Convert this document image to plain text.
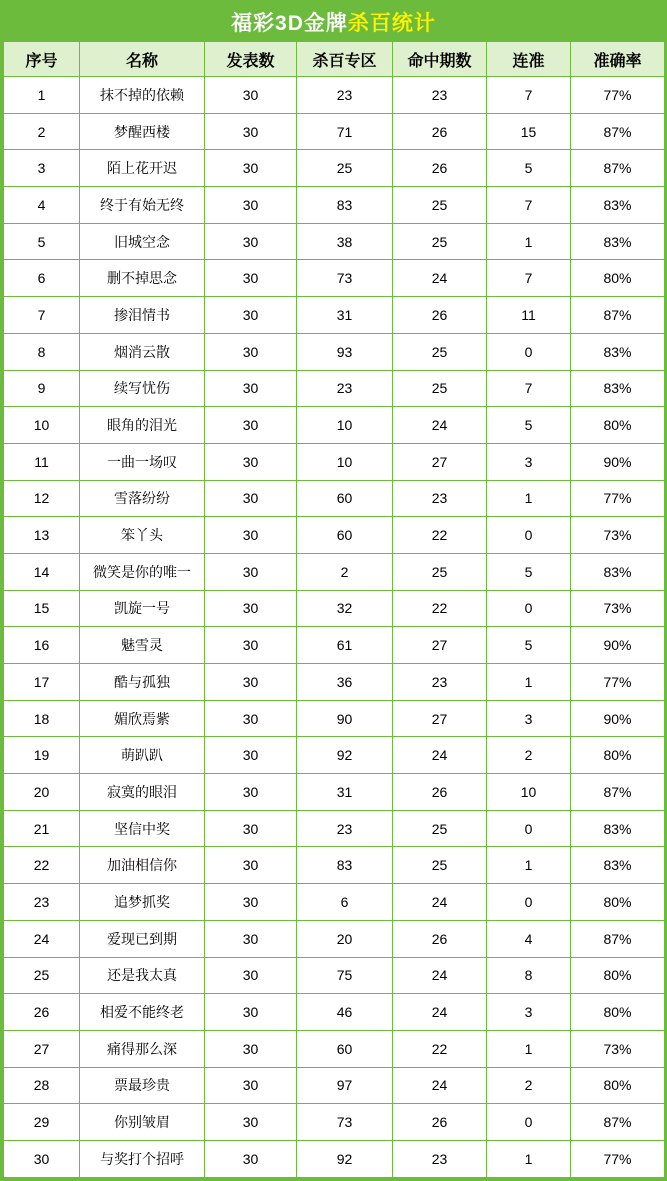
福彩3D金牌 杀百统计
序号	名称	发表数	杀百专区	命中期数	连准	准确率
1	抹不掉的依赖	30	23	23	7	77%
2	梦醒西楼	30	71	26	15	87%
3	陌上花开迟	30	25	26	5	87%
4	终于有始无终	30	83	25	7	83%
5	旧城空念	30	38	25	1	83%
6	删不掉思念	30	73	24	7	80%
7	掺泪情书	30	31	26	11	87%
8	烟消云散	30	93	25	0	83%
9	续写忧伤	30	23	25	7	83%
10	眼角的泪光	30	10	24	5	80%
11	一曲一场叹	30	10	27	3	90%
12	雪落纷纷	30	60	23	1	77%
13	笨丫头	30	60	22	0	73%
14	微笑是你的唯一	30	2	25	5	83%
15	凯旋一号	30	32	22	0	73%
16	魅雪灵	30	61	27	5	90%
17	酷与孤独	30	36	23	1	77%
18	媚欣焉紫	30	90	27	3	90%
19	萌趴趴	30	92	24	2	80%
20	寂寞的眼泪	30	31	26	10	87%
21	坚信中奖	30	23	25	0	83%
22	加油相信你	30	83	25	1	83%
23	追梦抓奖	30	6	24	0	80%
24	爱现已到期	30	20	26	4	87%
25	还是我太真	30	75	24	8	80%
26	相爱不能终老	30	46	24	3	80%
27	痛得那么深	30	60	22	1	73%
28	票最珍贵	30	97	24	2	80%
29	你别皱眉	30	73	26	0	87%
30	与奖打个招呼	30	92	23	1	77%
